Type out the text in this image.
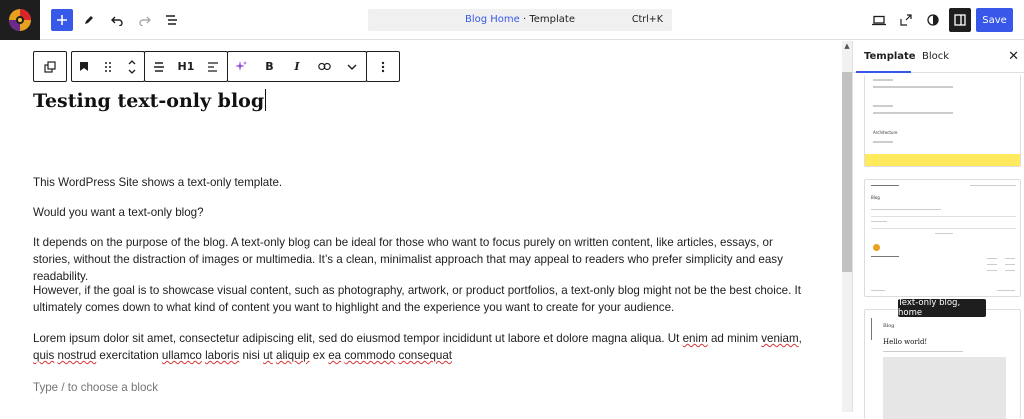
Blog Home · Template	Ctrl+K	Save
H1	B	I
Testing text-only blog
This WordPress Site shows a text-only template.
Would you want a text-only blog?
It depends on the purpose of the blog. A text-only blog can be ideal for those who want to focus purely on written content, like articles, essays, or stories, without the distraction of images or multimedia. It’s a clean, minimalist approach that may appeal to readers who prefer simplicity and easy readability.
However, if the goal is to showcase visual content, such as photography, artwork, or product portfolios, a text-only blog might not be the best choice. It ultimately comes down to what kind of content you want to highlight and the experience you want to create for your audience.
Lorem ipsum dolor sit amet, consectetur adipiscing elit, sed do eiusmod tempor incididunt ut labore et dolore magna aliqua. Ut enim ad minim veniam, quis nostrud exercitation ullamco laboris nisi ut aliquip ex ea commodo consequat
Type / to choose a block
▲
Template Block	✕
Architecture
Blog
Blog
Hello world!
Text-only blog, home
